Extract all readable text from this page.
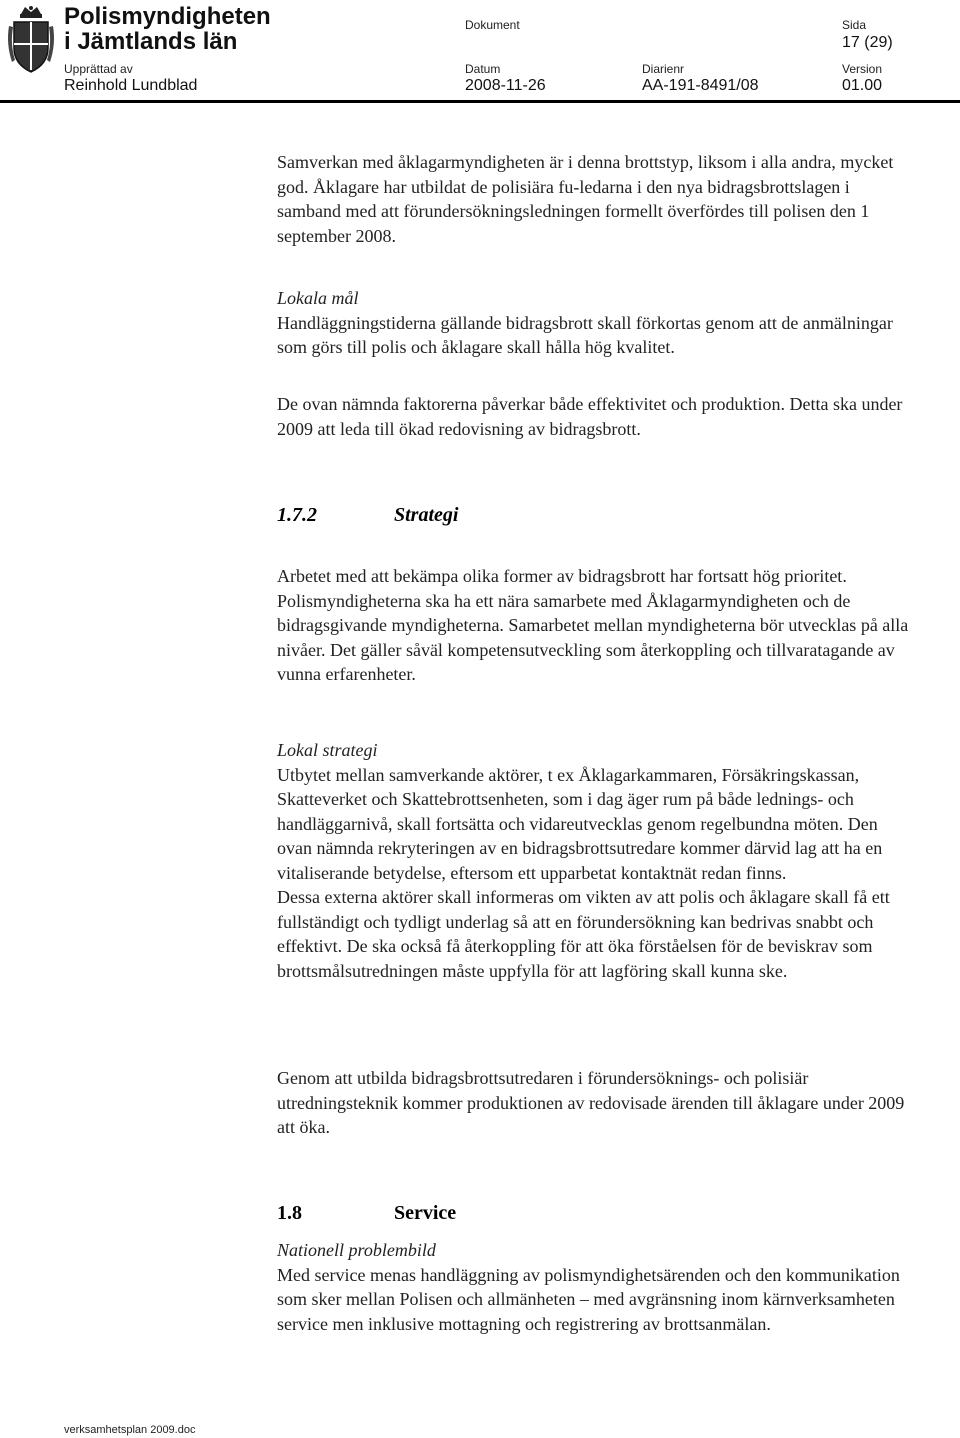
Polismyndigheten
i Jämtlands län
Dokument	Sida
17 (29)
Upprättad av	Datum	Diarienr	Version
Reinhold Lundblad	2008-11-26	AA-191-8491/08	01.00

Samverkan med åklagarmyndigheten är i denna brottstyp, liksom i alla andra, mycket god. Åklagare har utbildat de polisiära fu-ledarna i den nya bidragsbrottslagen i samband med att förundersökningsledningen formellt överfördes till polisen den 1 september 2008.

Lokala mål

Handläggningstiderna gällande bidragsbrott skall förkortas genom att de anmälningar som görs till polis och åklagare skall hålla hög kvalitet.

De ovan nämnda faktorerna påverkar både effektivitet och produktion. Detta ska under 2009 att leda till ökad redovisning av bidragsbrott.

1.7.2	Strategi

Arbetet med att bekämpa olika former av bidragsbrott har fortsatt hög prioritet.

Polismyndigheterna ska ha ett nära samarbete med Åklagarmyndigheten och de bidragsgivande myndigheterna. Samarbetet mellan myndigheterna bör utvecklas på alla nivåer. Det gäller såväl kompetensutveckling som återkoppling och tillvaratagande av vunna erfarenheter.

Lokal strategi

Utbytet mellan samverkande aktörer, t ex Åklagarkammaren, Försäkringskassan, Skatteverket och Skattebrottsenheten, som i dag äger rum på både lednings- och handläggarnivå, skall fortsätta och vidareutvecklas genom regelbundna möten. Den ovan nämnda rekryteringen av en bidragsbrottsutredare kommer därvid lag att ha en vitaliserande betydelse, eftersom ett upparbetat kontaktnät redan finns.

Dessa externa aktörer skall informeras om vikten av att polis och åklagare skall få ett fullständigt och tydligt underlag så att en förundersökning kan bedrivas snabbt och effektivt. De ska också få återkoppling för att öka förståelsen för de beviskrav som brottsmålsutredningen måste uppfylla för att lagföring skall kunna ske.

Genom att utbilda bidragsbrottsutredaren i förundersöknings- och polisiär utredningsteknik kommer produktionen av redovisade ärenden till åklagare under 2009 att öka.

1.8	Service

Nationell problembild

Med service menas handläggning av polismyndighetsärenden och den kommunikation som sker mellan Polisen och allmänheten – med avgränsning inom kärnverksamheten service men inklusive mottagning och registrering av brottsanmälan.

verksamhetsplan 2009.doc
